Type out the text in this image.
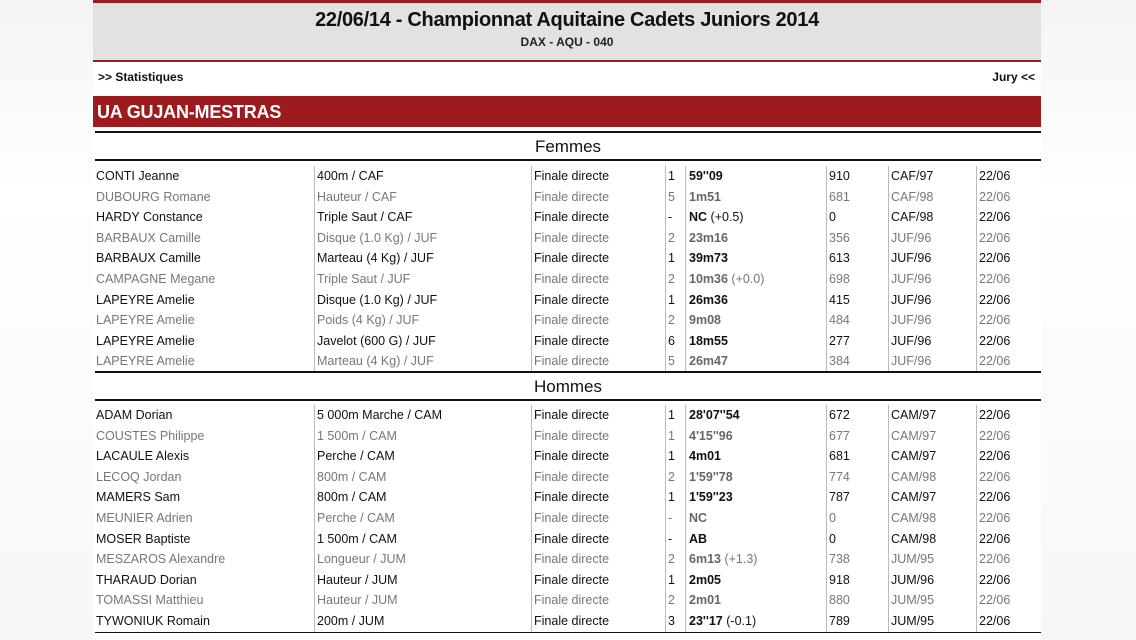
22/06/14 - Championnat Aquitaine Cadets Juniors 2014
DAX - AQU - 040
>> Statistiques	Jury <<
UA GUJAN-MESTRAS
Femmes
CONTI Jeanne	400m / CAF	Finale directe	1	59''09	910	CAF/97	22/06
DUBOURG Romane	Hauteur / CAF	Finale directe	5	1m51	681	CAF/98	22/06
HARDY Constance	Triple Saut / CAF	Finale directe	-	NC (+0.5)	0	CAF/98	22/06
BARBAUX Camille	Disque (1.0 Kg) / JUF	Finale directe	2	23m16	356	JUF/96	22/06
BARBAUX Camille	Marteau (4 Kg) / JUF	Finale directe	1	39m73	613	JUF/96	22/06
CAMPAGNE Megane	Triple Saut / JUF	Finale directe	2	10m36 (+0.0)	698	JUF/96	22/06
LAPEYRE Amelie	Disque (1.0 Kg) / JUF	Finale directe	1	26m36	415	JUF/96	22/06
LAPEYRE Amelie	Poids (4 Kg) / JUF	Finale directe	2	9m08	484	JUF/96	22/06
LAPEYRE Amelie	Javelot (600 G) / JUF	Finale directe	6	18m55	277	JUF/96	22/06
LAPEYRE Amelie	Marteau (4 Kg) / JUF	Finale directe	5	26m47	384	JUF/96	22/06
Hommes
ADAM Dorian	5 000m Marche / CAM	Finale directe	1	28'07''54	672	CAM/97	22/06
COUSTES Philippe	1 500m / CAM	Finale directe	1	4'15''96	677	CAM/97	22/06
LACAULE Alexis	Perche / CAM	Finale directe	1	4m01	681	CAM/97	22/06
LECOQ Jordan	800m / CAM	Finale directe	2	1'59''78	774	CAM/98	22/06
MAMERS Sam	800m / CAM	Finale directe	1	1'59''23	787	CAM/97	22/06
MEUNIER Adrien	Perche / CAM	Finale directe	-	NC	0	CAM/98	22/06
MOSER Baptiste	1 500m / CAM	Finale directe	-	AB	0	CAM/98	22/06
MESZAROS Alexandre	Longueur / JUM	Finale directe	2	6m13 (+1.3)	738	JUM/95	22/06
THARAUD Dorian	Hauteur / JUM	Finale directe	1	2m05	918	JUM/96	22/06
TOMASSI Matthieu	Hauteur / JUM	Finale directe	2	2m01	880	JUM/95	22/06
TYWONIUK Romain	200m / JUM	Finale directe	3	23''17 (-0.1)	789	JUM/95	22/06
